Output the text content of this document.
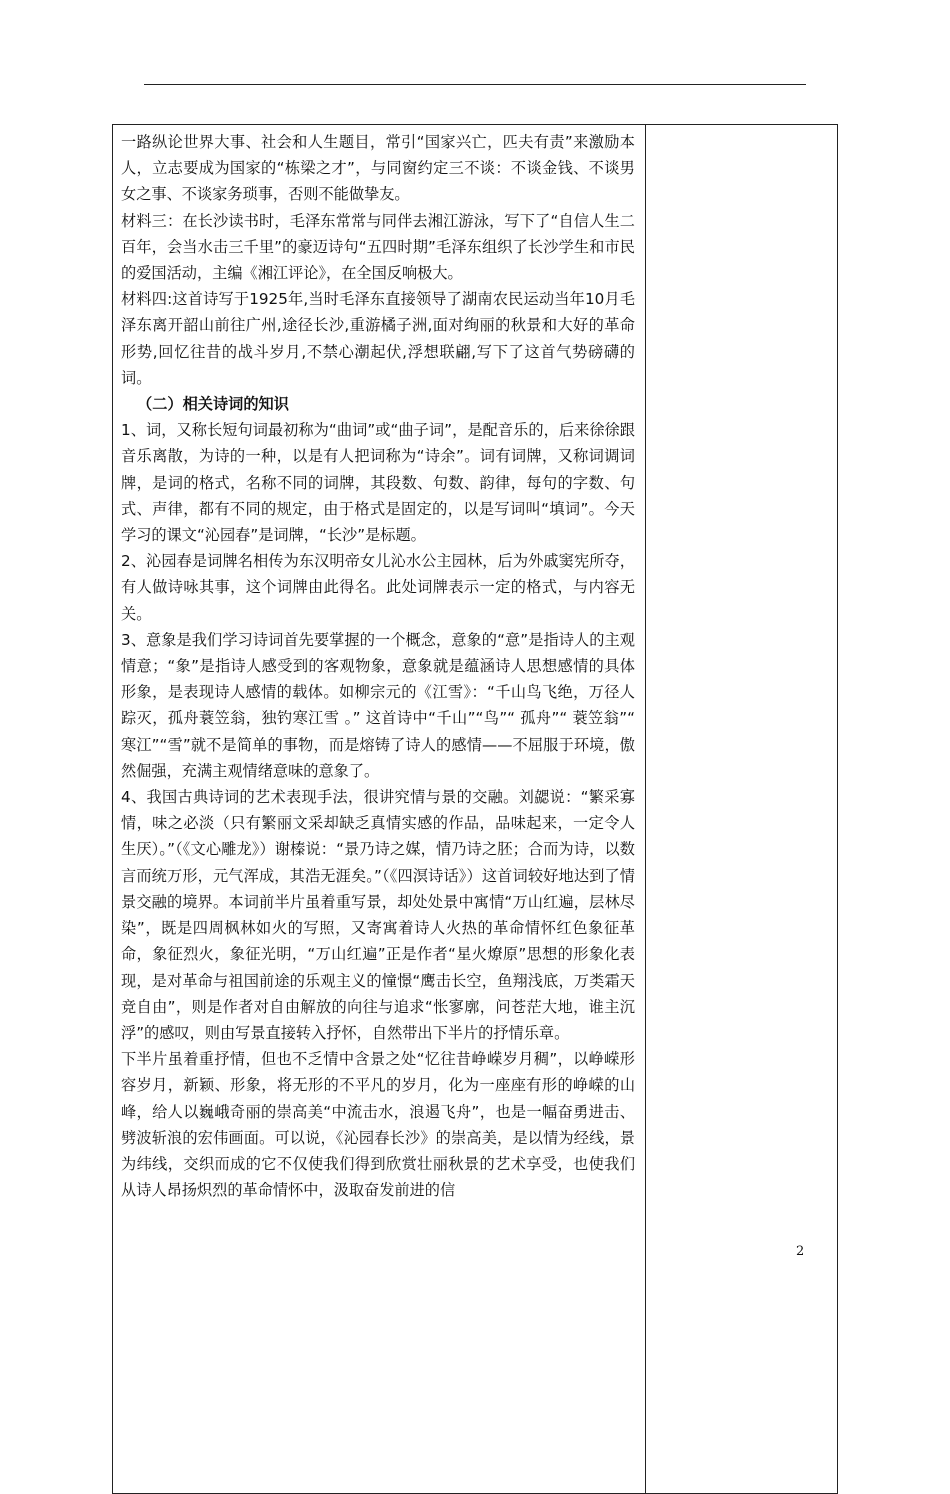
一路纵论世界大事、社会和人生题目，常引“国家兴亡，匹夫有责”来激励本人，立志要成为国家的“栋梁之才”，与同窗约定三不谈：不谈金钱、不谈男女之事、不谈家务琐事，否则不能做挚友。

材料三：在长沙读书时，毛泽东常常与同伴去湘江游泳，写下了“自信人生二百年，会当水击三千里”的豪迈诗句“五四时期”毛泽东组织了长沙学生和市民的爱国活动，主编《湘江评论》，在全国反响极大。

材料四:这首诗写于1925年,当时毛泽东直接领导了湖南农民运动当年10月毛泽东离开韶山前往广州,途径长沙,重游橘子洲,面对绚丽的秋景和大好的革命形势,回忆往昔的战斗岁月,不禁心潮起伏,浮想联翩,写下了这首气势磅礴的词。

（二）相关诗词的知识

1、词，又称长短句词最初称为“曲词”或“曲子词”，是配音乐的，后来徐徐跟音乐离散，为诗的一种，以是有人把词称为“诗余”。词有词牌，又称词调词牌，是词的格式，名称不同的词牌，其段数、句数、韵律，每句的字数、句式、声律，都有不同的规定，由于格式是固定的，以是写词叫“填词”。今天学习的课文“沁园春”是词牌，“长沙”是标题。

2、沁园春是词牌名相传为东汉明帝女儿沁水公主园林，后为外戚窦宪所夺，有人做诗咏其事，这个词牌由此得名。此处词牌表示一定的格式，与内容无关。

3、意象是我们学习诗词首先要掌握的一个概念，意象的“意”是指诗人的主观情意；“象”是指诗人感受到的客观物象，意象就是蕴涵诗人思想感情的具体形象，是表现诗人感情的载体。如柳宗元的《江雪》：“千山鸟飞绝，万径人踪灭，孤舟蓑笠翁，独钓寒江雪 。” 这首诗中“千山”“鸟”“ 孤舟”“ 蓑笠翁”“ 寒江”“雪”就不是简单的事物，而是熔铸了诗人的感情——不屈服于环境，傲然倔强，充满主观情绪意味的意象了。

4、我国古典诗词的艺术表现手法，很讲究情与景的交融。刘勰说：“繁采寡情，味之必淡（只有繁丽文采却缺乏真情实感的作品，品味起来，一定令人生厌）。”（《文心雕龙》）谢榛说：“景乃诗之媒，情乃诗之胚；合而为诗，以数言而统万形，元气浑成，其浩无涯矣。”（《四溟诗话》）这首词较好地达到了情景交融的境界。本词前半片虽着重写景，却处处景中寓情“万山红遍，层林尽染”，既是四周枫林如火的写照，又寄寓着诗人火热的革命情怀红色象征革命，象征烈火，象征光明，“万山红遍”正是作者“星火燎原”思想的形象化表现，是对革命与祖国前途的乐观主义的憧憬“鹰击长空，鱼翔浅底，万类霜天竞自由”，则是作者对自由解放的向往与追求“怅寥廓，问苍茫大地，谁主沉浮”的感叹，则由写景直接转入抒怀，自然带出下半片的抒情乐章。

下半片虽着重抒情，但也不乏情中含景之处“忆往昔峥嵘岁月稠”，以峥嵘形容岁月，新颖、形象，将无形的不平凡的岁月，化为一座座有形的峥嵘的山峰，给人以巍峨奇丽的崇高美“中流击水，浪遏飞舟”，也是一幅奋勇进击、劈波斩浪的宏伟画面。可以说，《沁园春长沙》的崇高美，是以情为经线，景为纬线，交织而成的它不仅使我们得到欣赏壮丽秋景的艺术享受，也使我们从诗人昂扬炽烈的革命情怀中，汲取奋发前进的信

2
